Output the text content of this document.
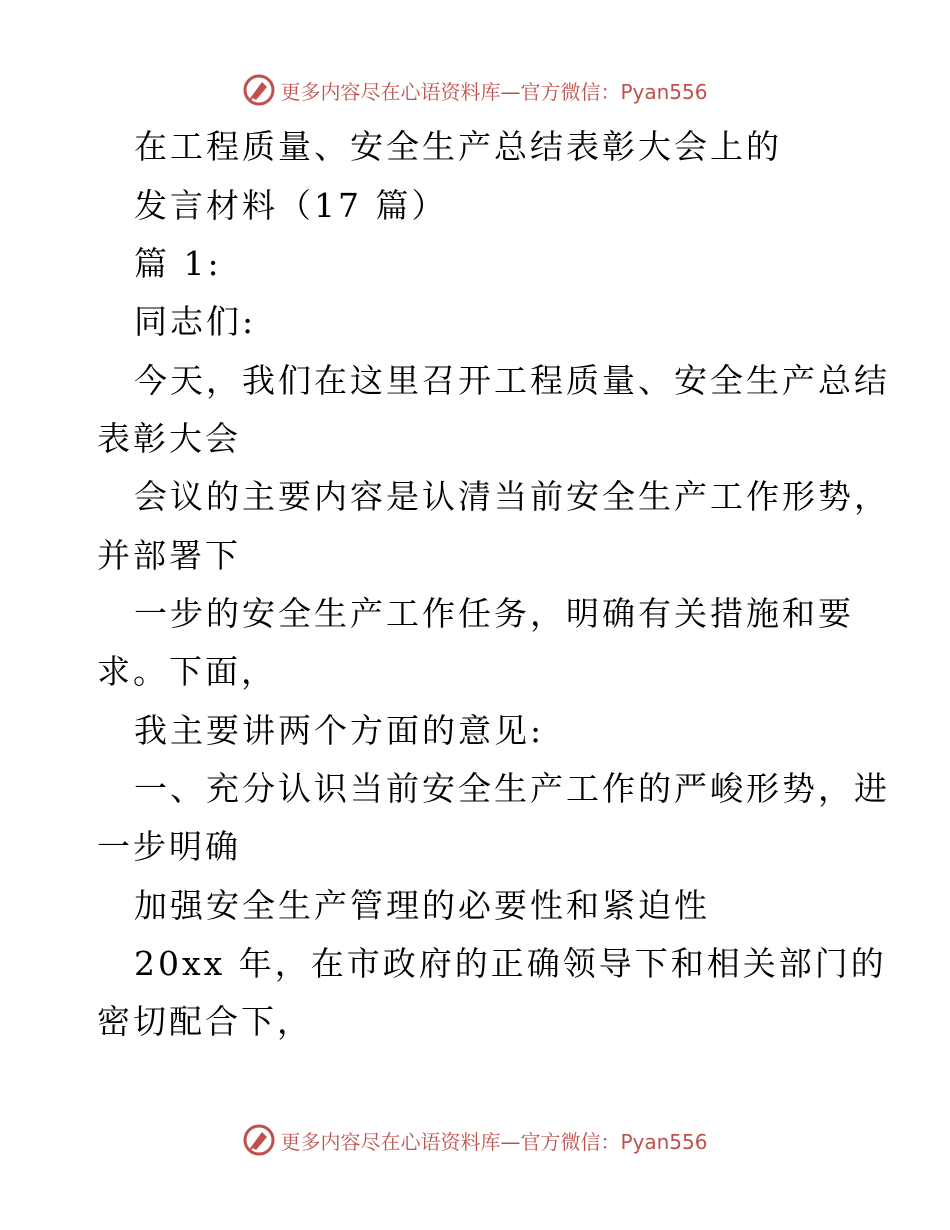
更多内容尽在心语资料库—官方微信：Pyan556
在工程质量、安全生产总结表彰大会上的
发言材料（17 篇）
篇 1:
同志们:
今天，我们在这里召开工程质量、安全生产总结
表彰大会
会议的主要内容是认清当前安全生产工作形势，
并部署下
一步的安全生产工作任务，明确有关措施和要
求。下面，
我主要讲两个方面的意见:
一、充分认识当前安全生产工作的严峻形势，进
一步明确
加强安全生产管理的必要性和紧迫性
20xx 年，在市政府的正确领导下和相关部门的
密切配合下，
更多内容尽在心语资料库—官方微信：Pyan556
